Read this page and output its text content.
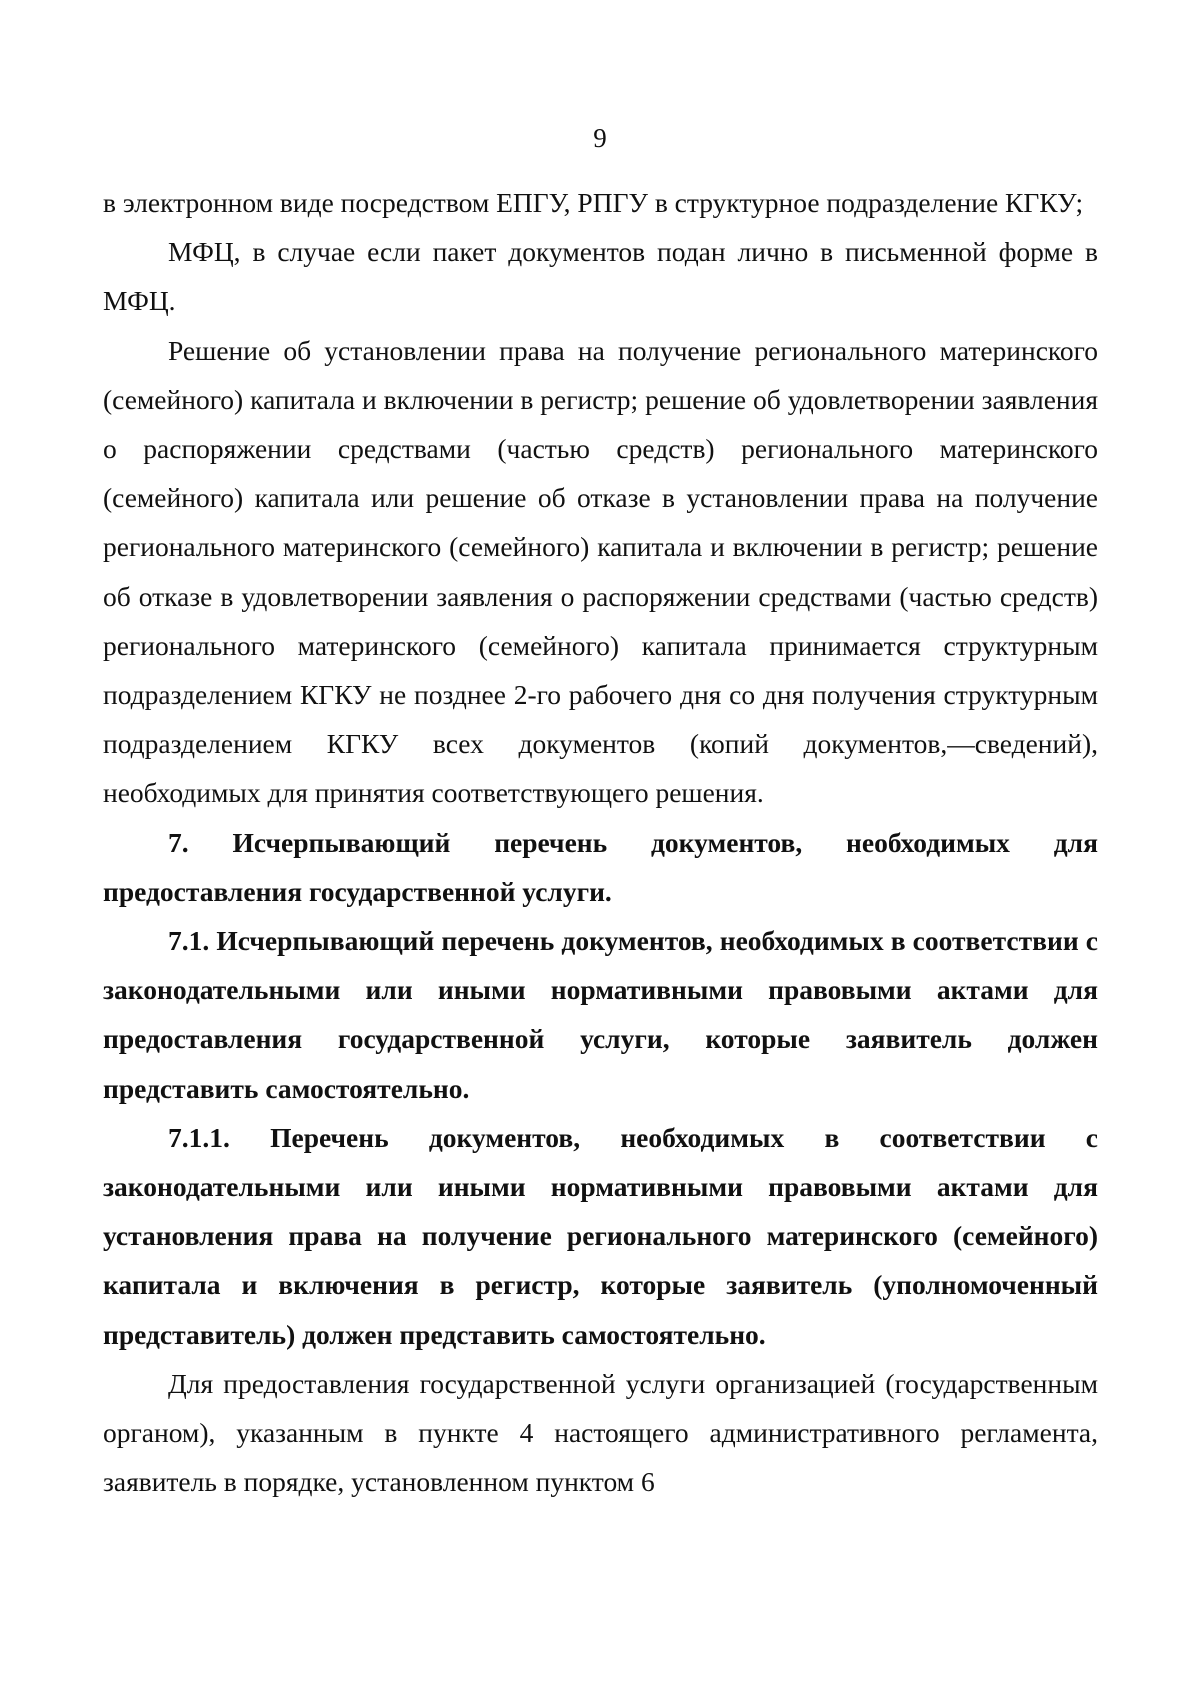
9

в электронном виде посредством ЕПГУ, РПГУ в структурное подразделение КГКУ;

МФЦ, в случае если пакет документов подан лично в письменной форме в МФЦ.

Решение об установлении права на получение регионального материнского (семейного) капитала и включении в регистр; решение об удовлетворении заявления о распоряжении средствами (частью средств) регионального материнского (семейного) капитала или решение об отказе в установлении права на получение регионального материнского (семейного) капитала и включении в регистр; решение об отказе в удовлетворении заявления о распоряжении средствами (частью средств) регионального материнского (семейного) капитала принимается структурным подразделением КГКУ не позднее 2-го рабочего дня со дня получения структурным подразделением КГКУ всех документов (копий документов,—сведений), необходимых для принятия соответствующего решения.

7. Исчерпывающий перечень документов, необходимых для предоставления государственной услуги.

7.1. Исчерпывающий перечень документов, необходимых в соответствии с законодательными или иными нормативными правовыми актами для предоставления государственной услуги, которые заявитель должен представить самостоятельно.

7.1.1. Перечень документов, необходимых в соответствии с законодательными или иными нормативными правовыми актами для установления права на получение регионального материнского (семейного) капитала и включения в регистр, которые заявитель (уполномоченный представитель) должен представить самостоятельно.

Для предоставления государственной услуги организацией (государственным органом), указанным в пункте 4 настоящего административного регламента, заявитель в порядке, установленном пунктом 6
